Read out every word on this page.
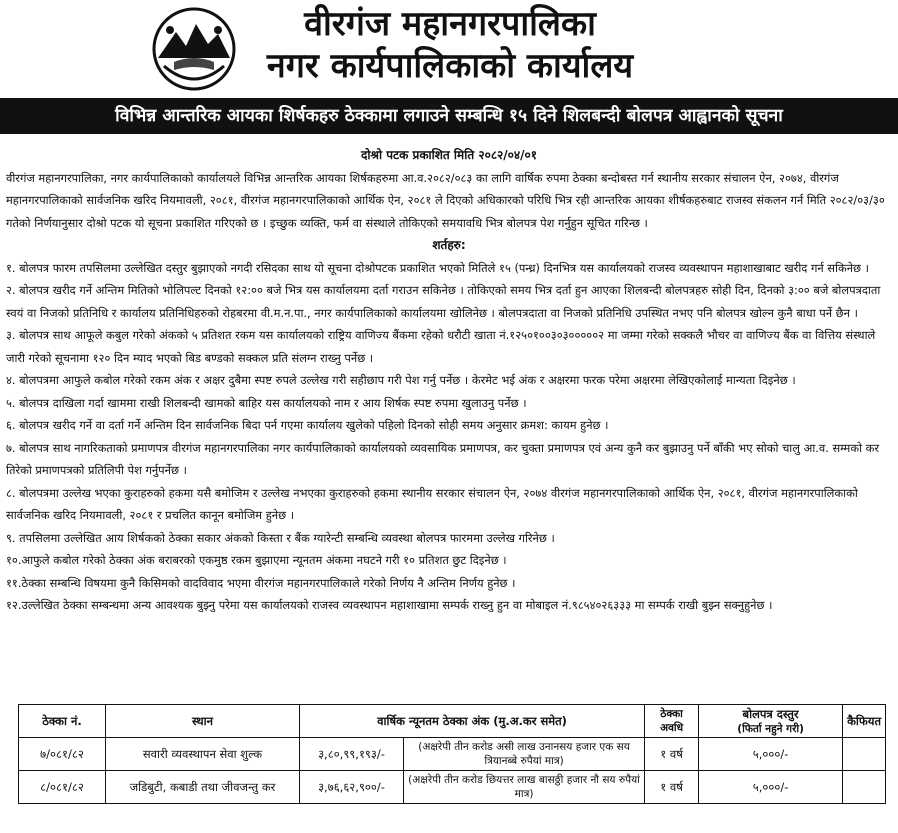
वीरगंज महानगरपालिका
नगर कार्यपालिकाको कार्यालय
विभिन्न आन्तरिक आयका शिर्षकहरु ठेक्कामा लगाउने सम्बन्धि १५ दिने शिलबन्दी बोलपत्र आह्वानको सूचना

दोश्रो पटक प्रकाशित मिति २०८२/०४/०१

वीरगंज महानगरपालिका, नगर कार्यपालिकाको कार्यालयले विभिन्न आन्तरिक आयका शिर्षकहरुमा आ.व.२०८२/०८३ का लागि वार्षिक रुपमा ठेक्का बन्दोबस्त गर्न स्थानीय सरकार संचालन ऐन, २०७४, वीरगंज महानगरपालिकाको सार्वजनिक खरिद नियमावली, २०८१, वीरगंज महानगरपालिकाको आर्थिक ऐन, २०८१ ले दिएको अधिकारको परिधि भित्र रही आन्तरिक आयका शीर्षकहरुबाट राजस्व संकलन गर्न मिति २०८२/०३/३० गतेको निर्णयानुसार दोश्रो पटक यो सूचना प्रकाशित गरिएको छ । इच्छुक व्यक्ति, फर्म वा संस्थाले तोकिएको समयावधि भित्र बोलपत्र पेश गर्नुहुन सूचित गरिन्छ ।

शर्तहरु:

१. बोलपत्र फारम तपसिलमा उल्लेखित दस्तुर बुझाएको नगदी रसिदका साथ यो सूचना दोश्रोपटक प्रकाशित भएको मितिले १५ (पन्ध्र) दिनभित्र यस कार्यालयको राजस्व व्यवस्थापन महाशाखाबाट खरीद गर्न सकिनेछ ।

२. बोलपत्र खरीद गर्ने अन्तिम मितिको भोलिपल्ट दिनको १२:०० बजे भित्र यस कार्यालयमा दर्ता गराउन सकिनेछ । तोकिएको समय भित्र दर्ता हुन आएका शिलबन्दी बोलपत्रहरु सोही दिन, दिनको ३:०० बजे बोलपत्रदाता स्वयं वा निजको प्रतिनिधि र कार्यालय प्रतिनिधिहरुको रोहबरमा वी.म.न.पा., नगर कार्यपालिकाको कार्यालयमा खोलिनेछ । बोलपत्रदाता वा निजको प्रतिनिधि उपस्थित नभए पनि बोलपत्र खोल्न कुनै बाधा पर्ने छैन ।

३. बोलपत्र साथ आफूले कबुल गरेको अंकको ५ प्रतिशत रकम यस कार्यालयको राष्ट्रिय वाणिज्य बैंकमा रहेको धरौटी खाता नं.१२५०१००३०३०००००२ मा जम्मा गरेको सक्कलै भौचर वा वाणिज्य बैंक वा वित्तिय संस्थाले जारी गरेको सूचनामा १२० दिन म्याद भएको बिड बण्डको सक्कल प्रति संलग्न राख्नु पर्नेछ ।

४. बोलपत्रमा आफुले कबोल गरेको रकम अंक र अक्षर दुबैमा स्पष्ट रुपले उल्लेख गरी सहीछाप गरी पेश गर्नु पर्नेछ । केरमेट भई अंक र अक्षरमा फरक परेमा अक्षरमा लेखिएकोलाई मान्यता दिइनेछ ।

५. बोलपत्र दाखिला गर्दा खाममा राखी शिलबन्दी खामको बाहिर यस कार्यालयको नाम र आय शिर्षक स्पष्ट रुपमा खुलाउनु पर्नेछ ।

६. बोलपत्र खरीद गर्ने वा दर्ता गर्ने अन्तिम दिन सार्वजनिक बिदा पर्न गएमा कार्यालय खुलेको पहिलो दिनको सोही समय अनुसार क्रमश: कायम हुनेछ ।

७. बोलपत्र साथ नागरिकताको प्रमाणपत्र वीरगंज महानगरपालिका नगर कार्यपालिकाको कार्यालयको व्यवसायिक प्रमाणपत्र, कर चुक्ता प्रमाणपत्र एवं अन्य कुनै कर बुझाउनु पर्ने बाँकी भए सोको चालु आ.व. सम्मको कर तिरेको प्रमाणपत्रको प्रतिलिपी पेश गर्नुपर्नेछ ।

८. बोलपत्रमा उल्लेख भएका कुराहरुको हकमा यसै बमोजिम र उल्लेख नभएका कुराहरुको हकमा स्थानीय सरकार संचालन ऐन, २०७४ वीरगंज महानगरपालिकाको आर्थिक ऐन, २०८१, वीरगंज महानगरपालिकाको सार्वजनिक खरिद नियमावली, २०८१ र प्रचलित कानून बमोजिम हुनेछ ।

९. तपसिलमा उल्लेखित आय शिर्षकको ठेक्का सकार अंकको किस्ता र बैंक ग्यारेन्टी सम्बन्धि व्यवस्था बोलपत्र फारममा उल्लेख गरिनेछ ।

१०.आफुले कबोल गरेको ठेक्का अंक बराबरको एकमुष्ठ रकम बुझाएमा न्यूनतम अंकमा नघटने गरी १० प्रतिशत छुट दिइनेछ ।

११.ठेक्का सम्बन्धि विषयमा कुनै किसिमको वादविवाद भएमा वीरगंज महानगरपालिकाले गरेको निर्णय नै अन्तिम निर्णय हुनेछ ।

१२.उल्लेखित ठेक्का सम्बन्धमा अन्य आवश्यक बुझ्नु परेमा यस कार्यालयको राजस्व व्यवस्थापन महाशाखामा सम्पर्क राख्नु हुन वा मोबाइल नं.९८५४०२६३३३ मा सम्पर्क राखी बुझ्न सक्नुहुनेछ ।

ठेक्का नं.	स्थान	वार्षिक न्यूनतम ठेक्का अंक (मु.अ.कर समेत)		ठेक्का अवधि	बोलपत्र दस्तुर
(फिर्ता नहुने गरी)	कैफियत
७/०८१/८२	सवारी व्यवस्थापन सेवा शुल्क	३,८०,९९,१९३/-	(अक्षरेपी तीन करोड असी लाख उनानसय हजार एक सय त्रियानब्बे रुपैयां मात्र)	१ वर्ष	५,०००/-	
८/०८१/८२	जडिबुटी, कबाडी तथा जीवजन्तु कर	३,७६,६२,९००/-	(अक्षरेपी तीन करोड छियत्तर लाख बासठ्ठी हजार नौ सय रुपैयां मात्र)	१ वर्ष	५,०००/-	
